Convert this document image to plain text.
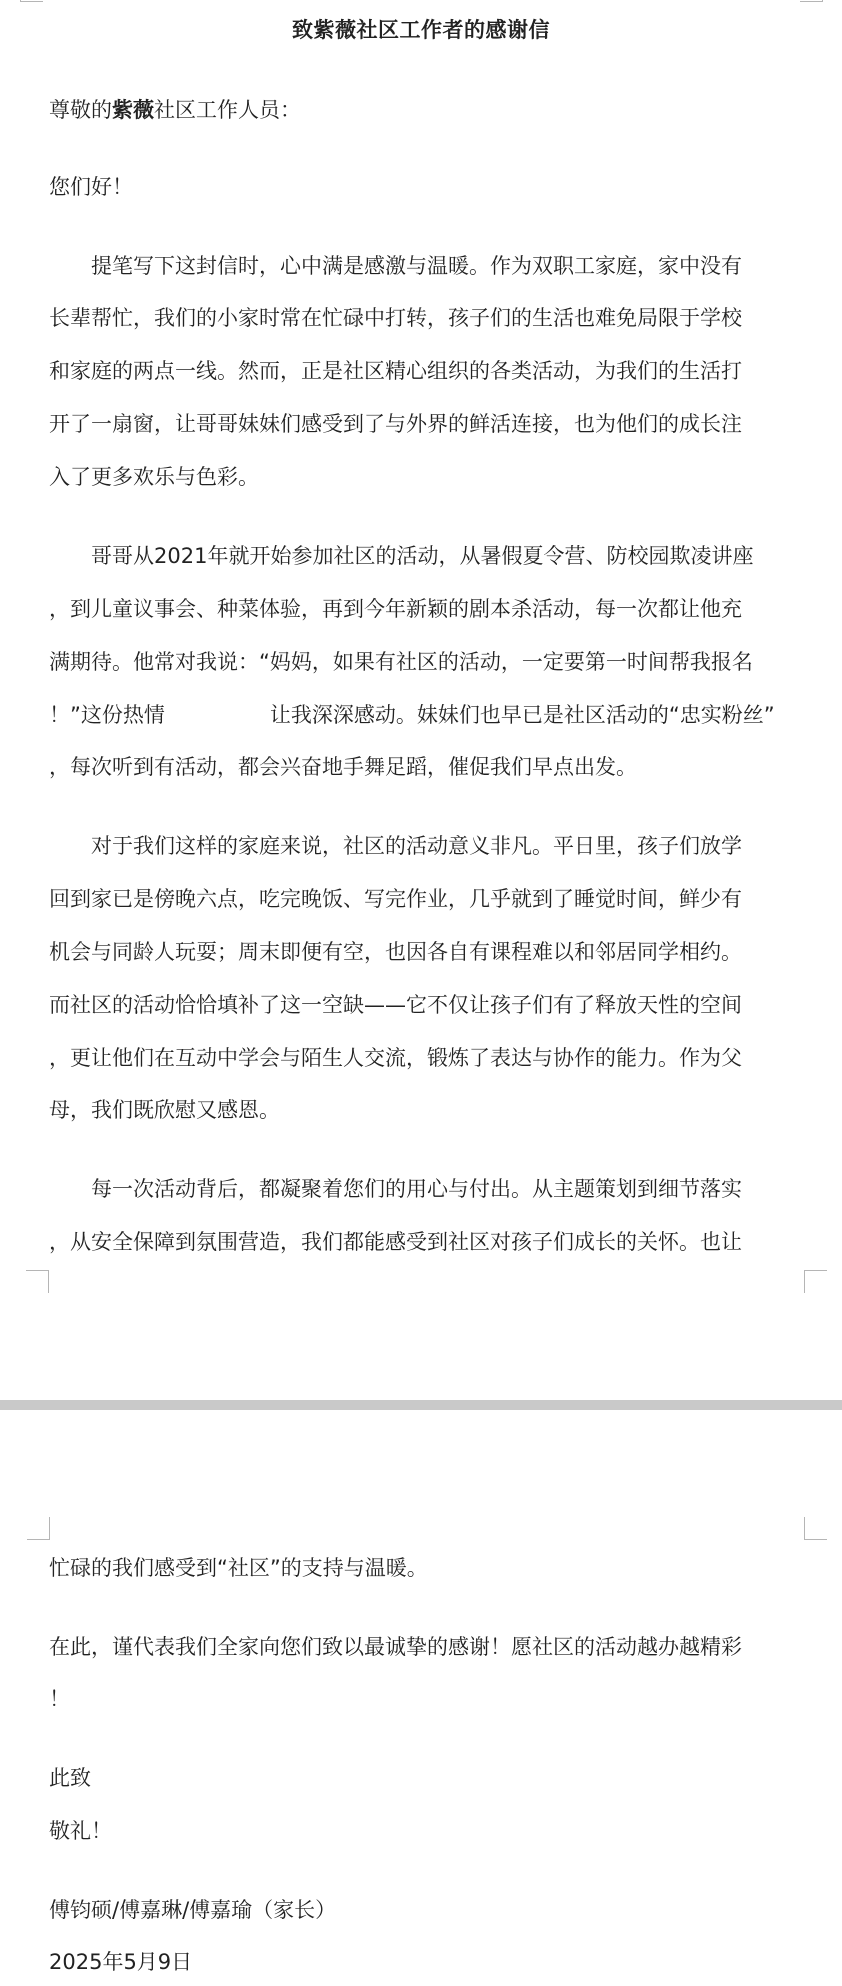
致紫薇社区工作者的感谢信

尊敬的紫薇社区工作人员：

您们好！

　　提笔写下这封信时，心中满是感激与温暖。作为双职工家庭，家中没有

长辈帮忙，我们的小家时常在忙碌中打转，孩子们的生活也难免局限于学校

和家庭的两点一线。然而，正是社区精心组织的各类活动，为我们的生活打

开了一扇窗，让哥哥妹妹们感受到了与外界的鲜活连接，也为他们的成长注

入了更多欢乐与色彩。

　　哥哥从2021年就开始参加社区的活动，从暑假夏令营、防校园欺凌讲座

，到儿童议事会、种菜体验，再到今年新颖的剧本杀活动，每一次都让他充

满期待。他常对我说：“妈妈，如果有社区的活动，一定要第一时间帮我报名

！”这份热情　　　　　让我深深感动。妹妹们也早已是社区活动的“忠实粉丝”

，每次听到有活动，都会兴奋地手舞足蹈，催促我们早点出发。

　　对于我们这样的家庭来说，社区的活动意义非凡。平日里，孩子们放学

回到家已是傍晚六点，吃完晚饭、写完作业，几乎就到了睡觉时间，鲜少有

机会与同龄人玩耍；周末即便有空，也因各自有课程难以和邻居同学相约。

而社区的活动恰恰填补了这一空缺——它不仅让孩子们有了释放天性的空间

，更让他们在互动中学会与陌生人交流，锻炼了表达与协作的能力。作为父

母，我们既欣慰又感恩。

　　每一次活动背后，都凝聚着您们的用心与付出。从主题策划到细节落实

，从安全保障到氛围营造，我们都能感受到社区对孩子们成长的关怀。也让

忙碌的我们感受到“社区”的支持与温暖。

在此，谨代表我们全家向您们致以最诚挚的感谢！愿社区的活动越办越精彩

！

此致

敬礼！

傅钧硕/傅嘉琳/傅嘉瑜（家长）

2025年5月9日
